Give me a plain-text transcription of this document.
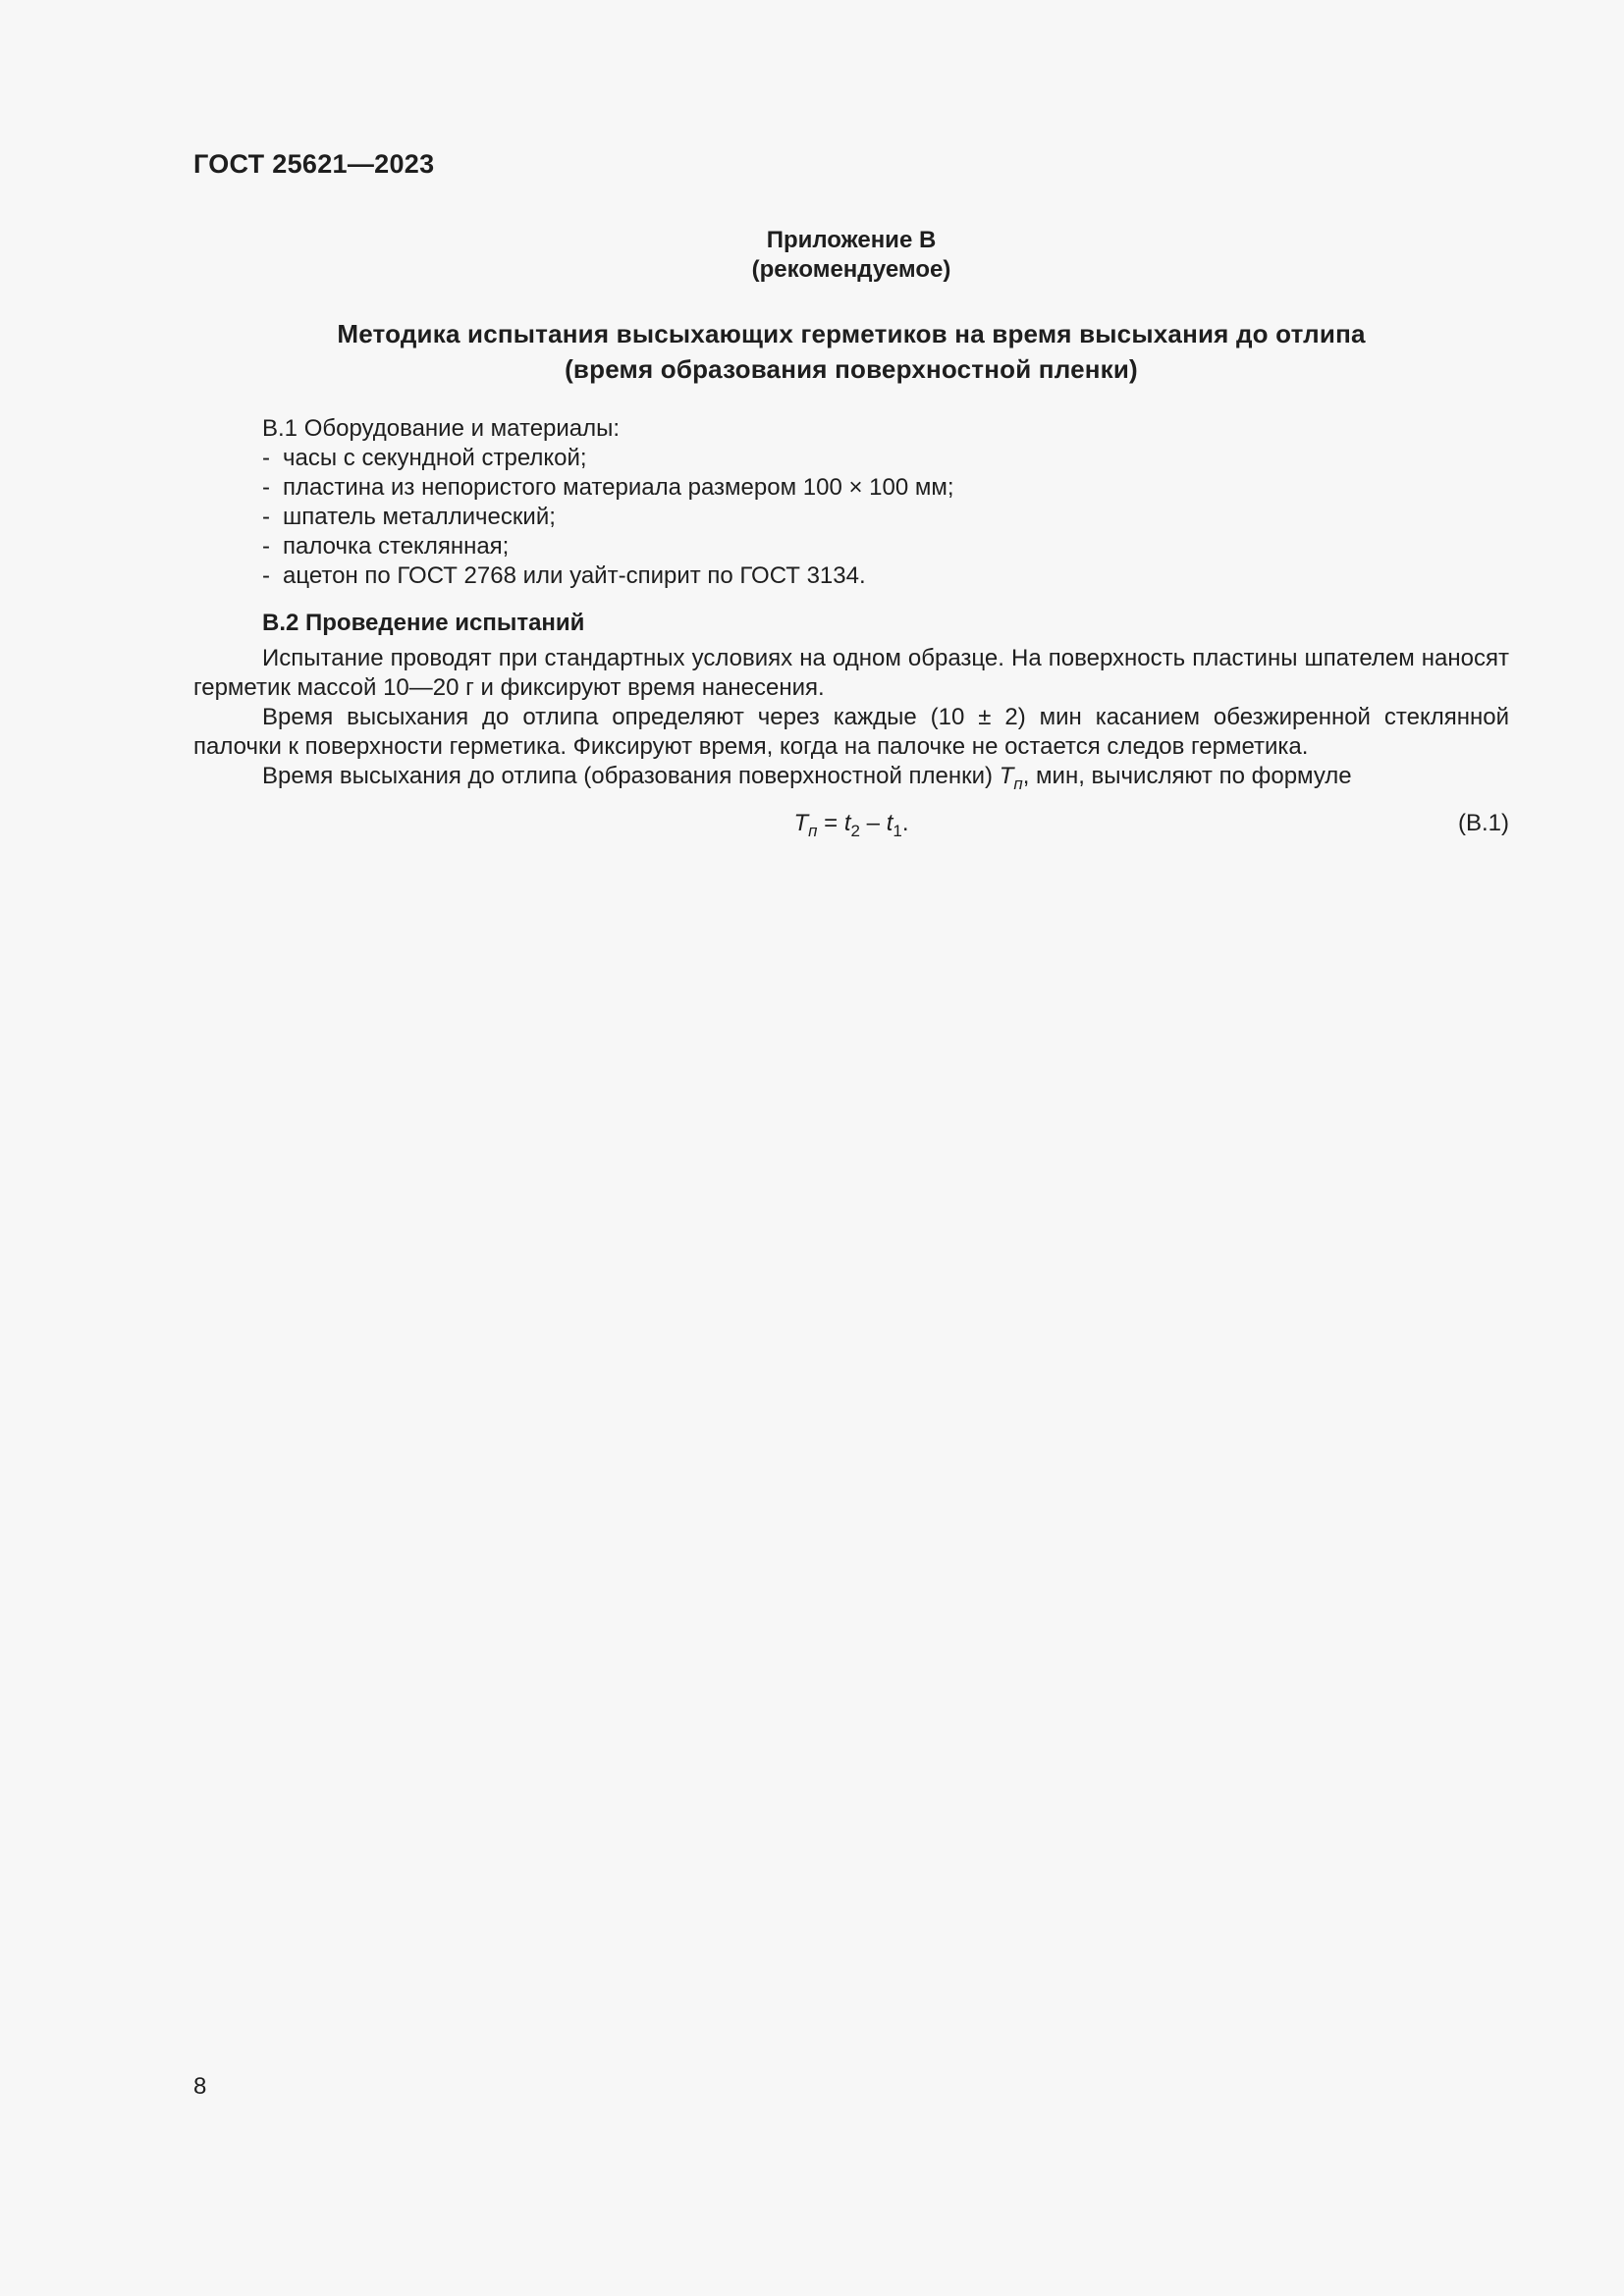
ГОСТ 25621—2023
Приложение В
(рекомендуемое)
Методика испытания высыхающих герметиков на время высыхания до отлипа
(время образования поверхностной пленки)
В.1 Оборудование и материалы:
- часы с секундной стрелкой;
- пластина из непористого материала размером 100 × 100 мм;
- шпатель металлический;
- палочка стеклянная;
- ацетон по ГОСТ 2768 или уайт-спирит по ГОСТ 3134.
В.2 Проведение испытаний

Испытание проводят при стандартных условиях на одном образце. На поверхность пластины шпателем наносят герметик массой 10—20 г и фиксируют время нанесения.

Время высыхания до отлипа определяют через каждые (10 ± 2) мин касанием обезжиренной стеклянной палочки к поверхности герметика. Фиксируют время, когда на палочке не остается следов герметика.

Время высыхания до отлипа (образования поверхностной пленки) $T_п$, мин, вычисляют по формуле

$T_п = t_2 - t_1$.	(В.1)
8
